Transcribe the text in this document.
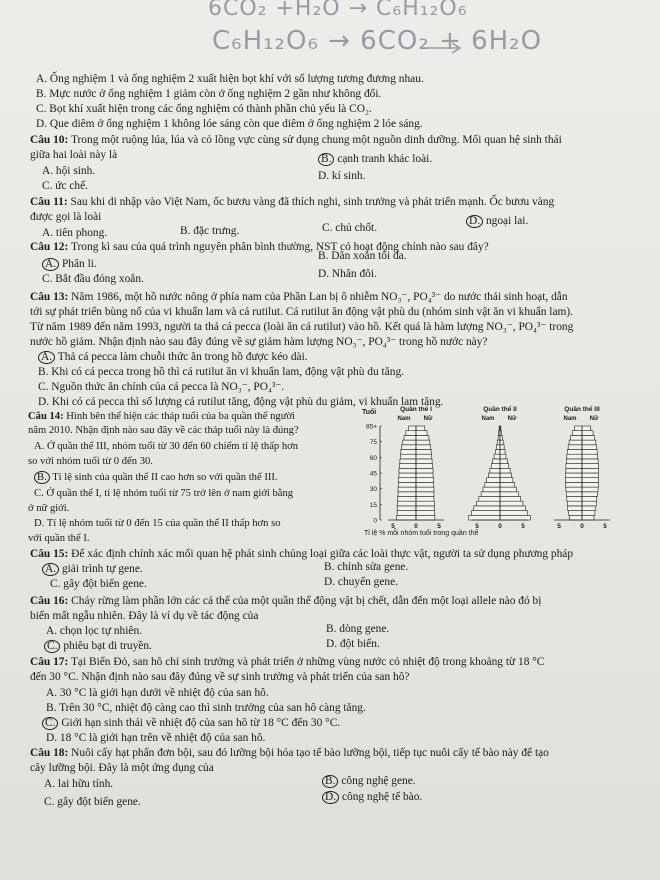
6CO₂ +H₂O → C₆H₁₂O₆
C₆H₁₂O₆ → 6CO₂ + 6H₂O
A. Ống nghiệm 1 và ống nghiệm 2 xuất hiện bọt khí với số lượng tương đương nhau.
B. Mực nước ở ống nghiệm 1 giảm còn ở ống nghiệm 2 gần như không đổi.
C. Bọt khí xuất hiện trong các ống nghiệm có thành phần chủ yếu là CO₂.
D. Que diêm ở ống nghiệm 1 không lóe sáng còn que diêm ở ống nghiệm 2 lóe sáng.
Câu 10: Trong một ruộng lúa, lúa và cỏ lồng vực cùng sử dụng chung một nguồn dinh dưỡng. Mối quan hệ sinh thái
giữa hai loài này là
A. hội sinh.
B. cạnh tranh khác loài.
C. ức chế.
D. kí sinh.
Câu 11: Sau khi di nhập vào Việt Nam, ốc bươu vàng đã thích nghi, sinh trưởng và phát triển mạnh. Ốc bươu vàng
được gọi là loài
A. tiên phong.	B. đặc trưng.	C. chủ chốt.
D. ngoại lai.
Câu 12: Trong kì sau của quá trình nguyên phân bình thường, NST có hoạt động chính nào sau đây?
A. Phân li.
B. Dãn xoắn tối đa.
C. Bắt đầu đóng xoắn.	D. Nhân đôi.
Câu 13: Năm 1986, một hồ nước nông ở phía nam của Phần Lan bị ô nhiễm NO₃⁻, PO₄³⁻ do nước thải sinh hoạt, dẫn
tới sự phát triển bùng nổ của vi khuẩn lam và cá rutilut. Cá rutilut ăn động vật phù du (nhóm sinh vật ăn vi khuẩn lam).
Từ năm 1989 đến năm 1993, người ta thả cá pecca (loài ăn cá rutilut) vào hồ. Kết quả là hàm lượng NO₃⁻, PO₄³⁻ trong
nước hồ giảm. Nhận định nào sau đây đúng về sự giảm hàm lượng NO₃⁻, PO₄³⁻ trong hồ nước này?
A. Thả cá pecca làm chuỗi thức ăn trong hồ được kéo dài.
B. Khi có cá pecca trong hồ thì cá rutilut ăn vi khuẩn lam, động vật phù du tăng.
C. Nguồn thức ăn chính của cá pecca là NO₃⁻, PO₄³⁻.
D. Khi có cá pecca thì số lượng cá rutilut tăng, động vật phù du giảm, vi khuẩn lam tăng.
Câu 14: Hình bên thể hiện các tháp tuổi của ba quần thể người
năm 2010. Nhận định nào sau đây về các tháp tuổi này là đúng?
A. Ở quần thể III, nhóm tuổi từ 30 đến 60 chiếm tỉ lệ thấp hơn
so với nhóm tuổi từ 0 đến 30.
B. Tỉ lệ sinh của quần thể II cao hơn so với quần thể III.
C. Ở quần thể I, tỉ lệ nhóm tuổi từ 75 trở lên ở nam giới bằng
ở nữ giới.
D. Tỉ lệ nhóm tuổi từ 0 đến 15 của quần thể II thấp hơn so
với quần thể I.
Tuổi
0
15
30
45
60
75
85+
Quần thể I
Nam Nữ
5	0	5
Quần thể II
Nam Nữ
5	0	5
Quần thể III
Nam Nữ
5	0	5
Tỉ lệ % mỗi nhóm tuổi trong quần thể
Câu 15: Để xác định chính xác mối quan hệ phát sinh chủng loại giữa các loài thực vật, người ta sử dụng phương pháp
A. giải trình tự gene.	B. chỉnh sửa gene.
C. gây đột biến gene.	D. chuyển gene.
Câu 16: Cháy rừng làm phần lớn các cá thể của một quần thể động vật bị chết, dẫn đến một loại allele nào đó bị
biến mất ngẫu nhiên. Đây là ví dụ về tác động của
A. chọn lọc tự nhiên.	B. dòng gene.
C. phiêu bạt di truyền.	D. đột biến.
Câu 17: Tại Biển Đỏ, san hô chỉ sinh trưởng và phát triển ở những vùng nước có nhiệt độ trong khoảng từ 18 °C
đến 30 °C. Nhận định nào sau đây đúng về sự sinh trưởng và phát triển của san hô?
A. 30 °C là giới hạn dưới về nhiệt độ của san hô.
B. Trên 30 °C, nhiệt độ càng cao thì sinh trưởng của san hô càng tăng.
C. Giới hạn sinh thái về nhiệt độ của san hô từ 18 °C đến 30 °C.
D. 18 °C là giới hạn trên về nhiệt độ của san hô.
Câu 18: Nuôi cấy hạt phấn đơn bội, sau đó lưỡng bội hóa tạo tế bào lưỡng bội, tiếp tục nuôi cấy tế bào này để tạo
cây lưỡng bội. Đây là một ứng dụng của
A. lai hữu tính.	B. công nghệ gene.
C. gây đột biến gene.	D. công nghệ tế bào.
